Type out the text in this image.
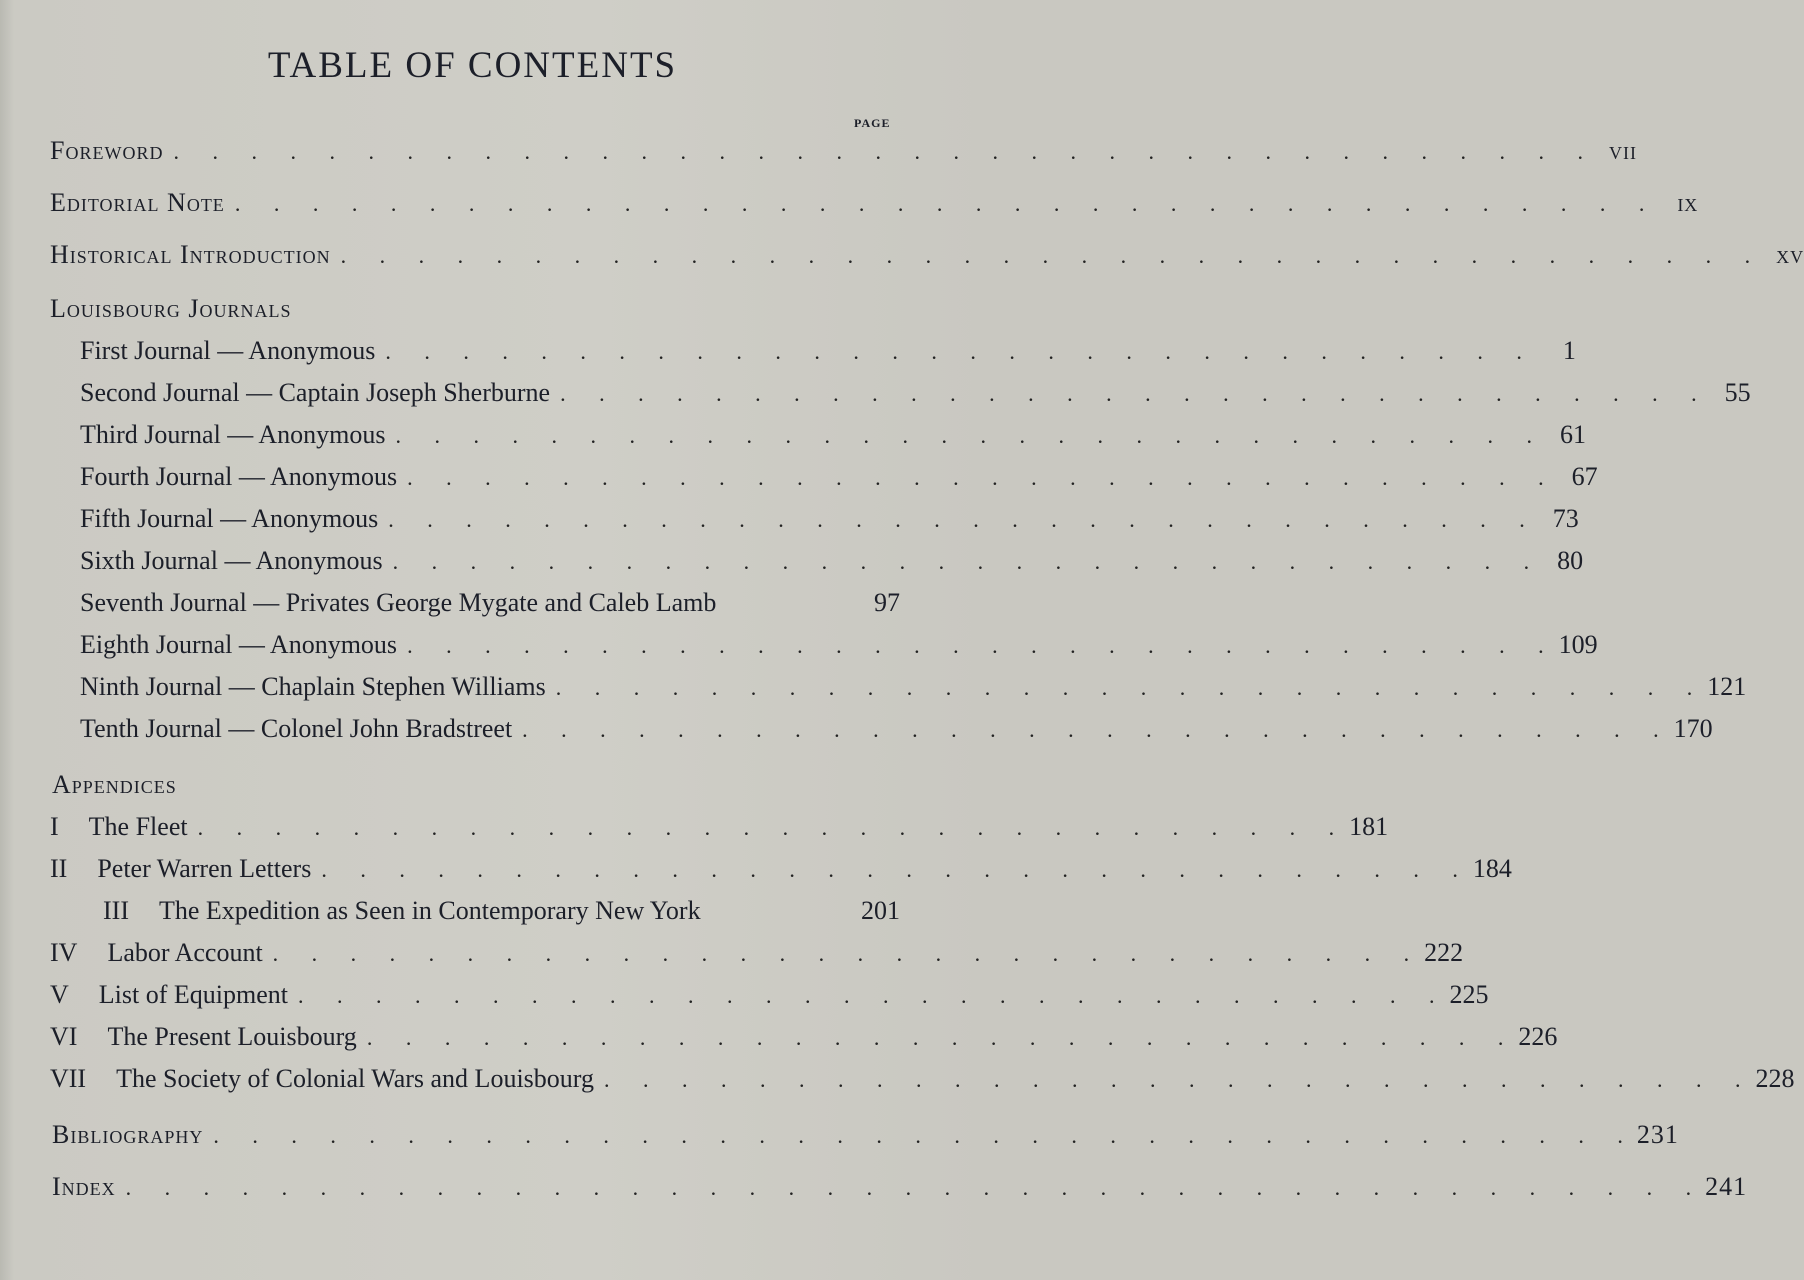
TABLE OF CONTENTS
PAGE
Foreword . . . . . . . . . . . . . . . . . . . . . . . . . . . . . . . . . . . . . vii
Editorial Note . . . . . . . . . . . . . . . . . . . . . . . . . . . . . . . . . . . . . ix
Historical Introduction . . . . . . . . . . . . . . . . . . . . . . . . . . . . . . . . . . . . . xv
Louisbourg Journals
First Journal — Anonymous . . . . . . . . . . . . . . . . . . . . . . . . . . . . . .	1
Second Journal — Captain Joseph Sherburne . . . . . . . . . . . . . . . . . . . . . . . . . . . . . . 55
Third Journal — Anonymous . . . . . . . . . . . . . . . . . . . . . . . . . . . . . . 61
Fourth Journal — Anonymous . . . . . . . . . . . . . . . . . . . . . . . . . . . . . . 67
Fifth Journal — Anonymous . . . . . . . . . . . . . . . . . . . . . . . . . . . . . . 73
Sixth Journal — Anonymous . . . . . . . . . . . . . . . . . . . . . . . . . . . . . . 80
Seventh Journal — Privates George Mygate and Caleb Lamb	97
Eighth Journal — Anonymous . . . . . . . . . . . . . . . . . . . . . . . . . . . . . . 109
Ninth Journal — Chaplain Stephen Williams . . . . . . . . . . . . . . . . . . . . . . . . . . . . . . 121
Tenth Journal — Colonel John Bradstreet . . . . . . . . . . . . . . . . . . . . . . . . . . . . . . 170
Appendices
I The Fleet . . . . . . . . . . . . . . . . . . . . . . . . . . . . . . 181
II Peter Warren Letters . . . . . . . . . . . . . . . . . . . . . . . . . . . . . . 184
III The Expedition as Seen in Contemporary New York	201
IV Labor Account . . . . . . . . . . . . . . . . . . . . . . . . . . . . . . 222
V List of Equipment . . . . . . . . . . . . . . . . . . . . . . . . . . . . . . 225
VI The Present Louisbourg . . . . . . . . . . . . . . . . . . . . . . . . . . . . . . 226
VII The Society of Colonial Wars and Louisbourg . . . . . . . . . . . . . . . . . . . . . . . . . . . . . . 228
Bibliography . . . . . . . . . . . . . . . . . . . . . . . . . . . . . . . . . . . . . 231
Index . . . . . . . . . . . . . . . . . . . . . . . . . . . . . . . . . . . . . . . . . 241
